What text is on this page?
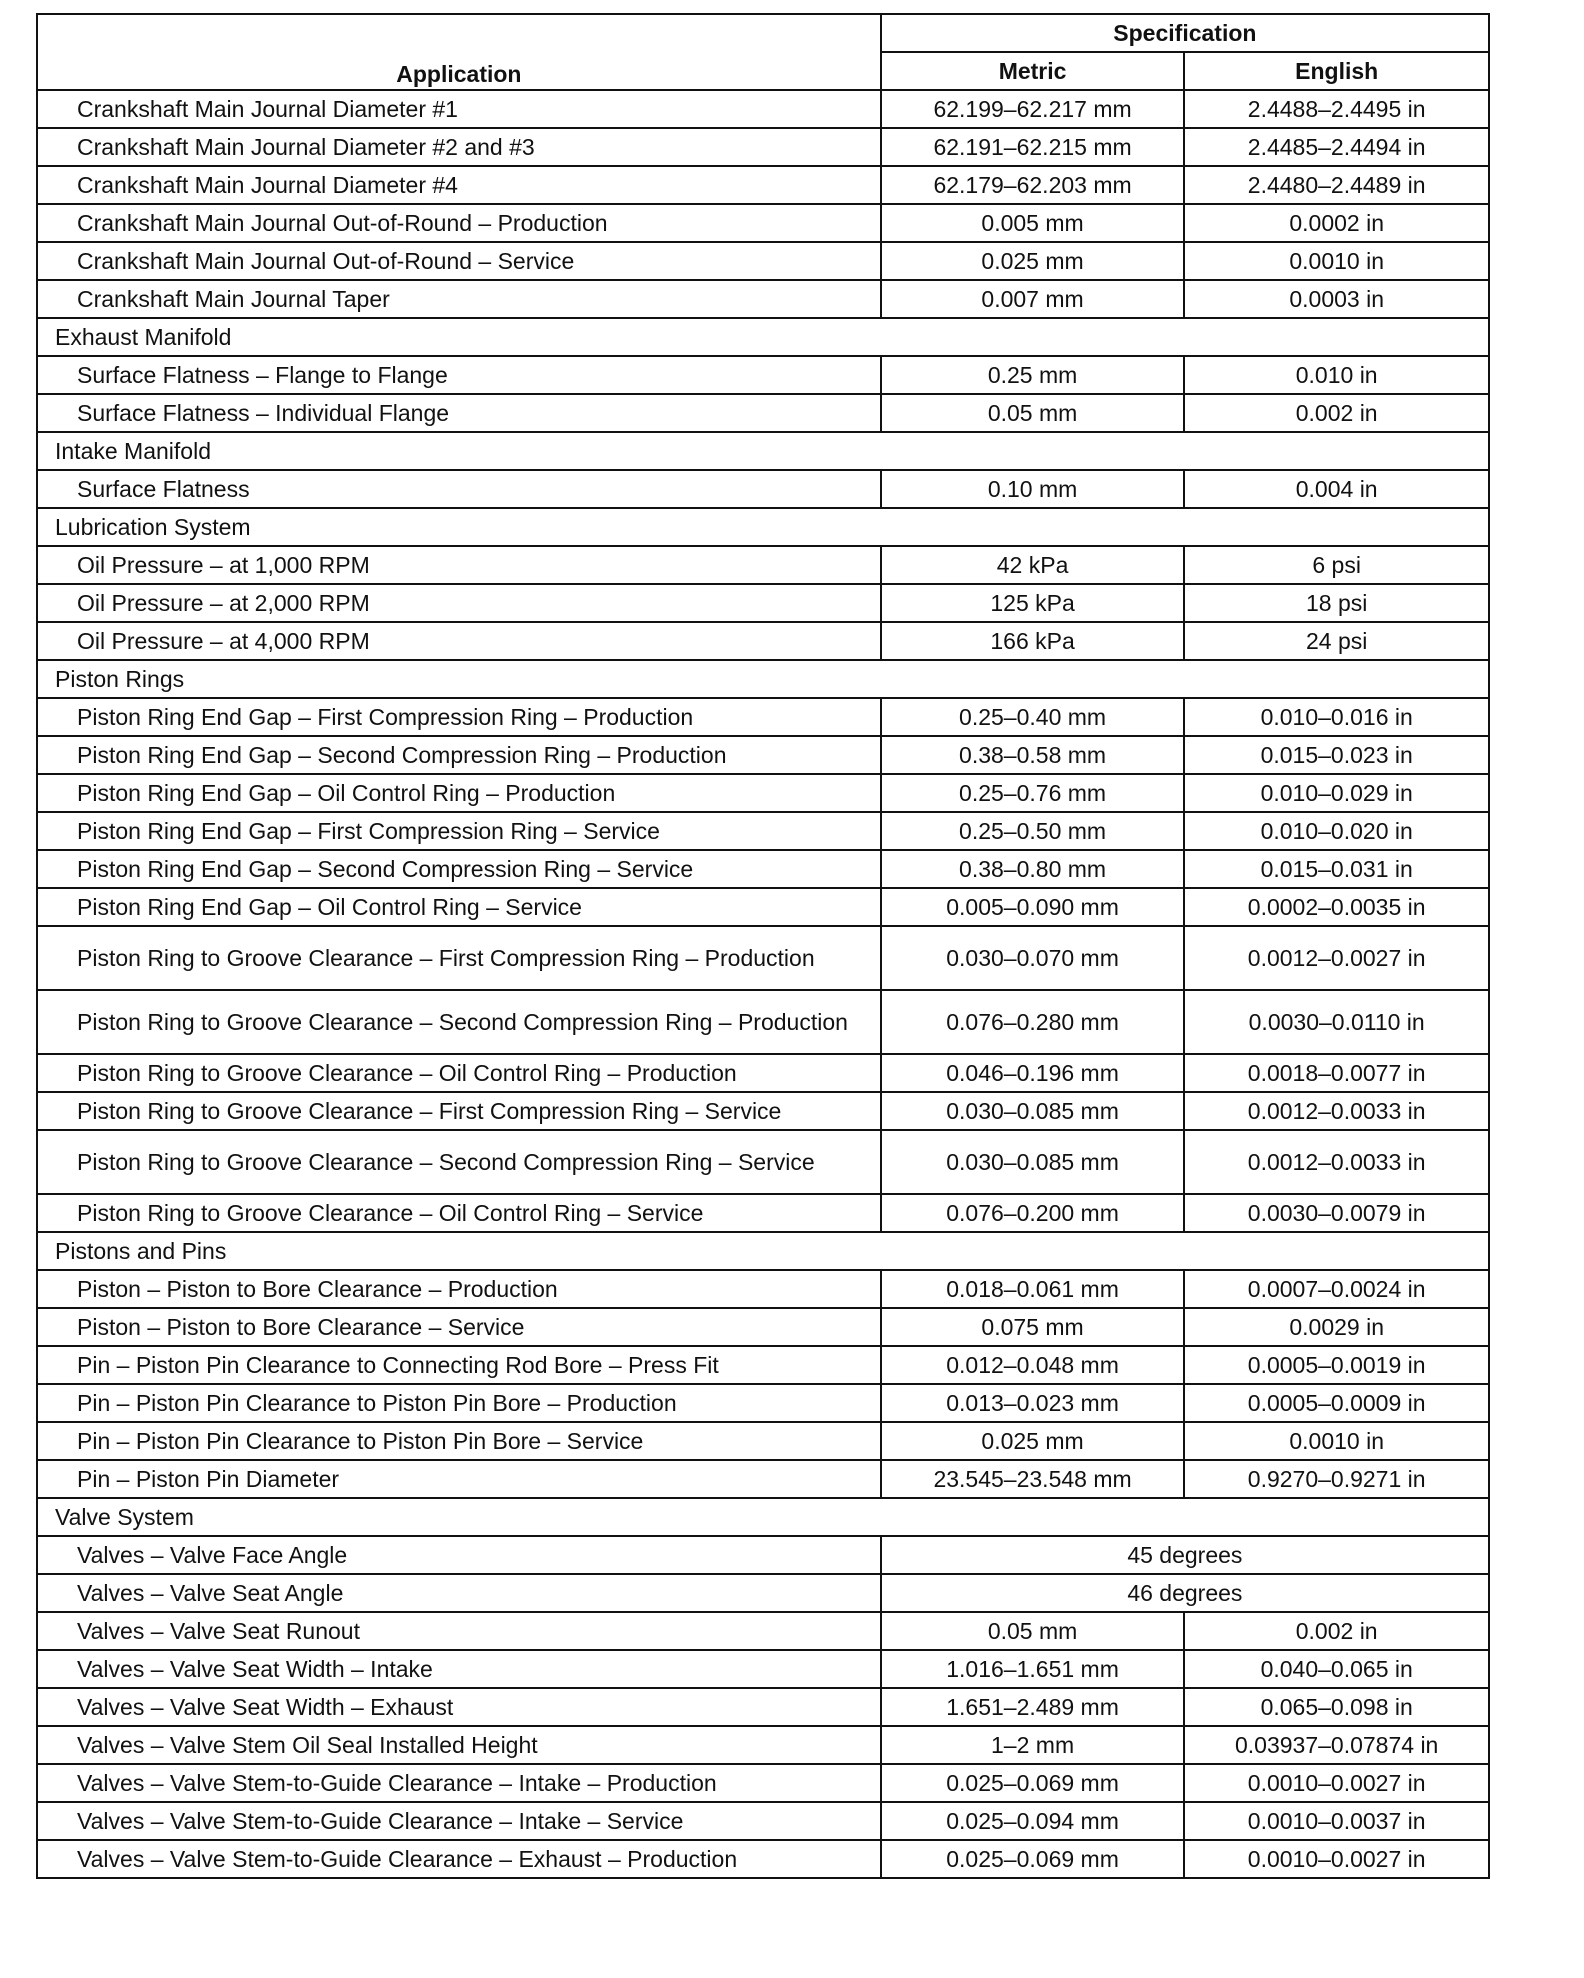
Application	Specification	
	Metric	English
Crankshaft Main Journal Diameter #1	62.199–62.217 mm	2.4488–2.4495 in
Crankshaft Main Journal Diameter #2 and #3	62.191–62.215 mm	2.4485–2.4494 in
Crankshaft Main Journal Diameter #4	62.179–62.203 mm	2.4480–2.4489 in
Crankshaft Main Journal Out-of-Round – Production	0.005 mm	0.0002 in
Crankshaft Main Journal Out-of-Round – Service	0.025 mm	0.0010 in
Crankshaft Main Journal Taper	0.007 mm	0.0003 in
Exhaust Manifold		
Surface Flatness – Flange to Flange	0.25 mm	0.010 in
Surface Flatness – Individual Flange	0.05 mm	0.002 in
Intake Manifold		
Surface Flatness	0.10 mm	0.004 in
Lubrication System		
Oil Pressure – at 1,000 RPM	42 kPa	6 psi
Oil Pressure – at 2,000 RPM	125 kPa	18 psi
Oil Pressure – at 4,000 RPM	166 kPa	24 psi
Piston Rings		
Piston Ring End Gap – First Compression Ring – Production	0.25–0.40 mm	0.010–0.016 in
Piston Ring End Gap – Second Compression Ring – Production	0.38–0.58 mm	0.015–0.023 in
Piston Ring End Gap – Oil Control Ring – Production	0.25–0.76 mm	0.010–0.029 in
Piston Ring End Gap – First Compression Ring – Service	0.25–0.50 mm	0.010–0.020 in
Piston Ring End Gap – Second Compression Ring – Service	0.38–0.80 mm	0.015–0.031 in
Piston Ring End Gap – Oil Control Ring – Service	0.005–0.090 mm	0.0002–0.0035 in
Piston Ring to Groove Clearance – First Compression Ring – Production	0.030–0.070 mm	0.0012–0.0027 in
Piston Ring to Groove Clearance – Second Compression Ring – Production	0.076–0.280 mm	0.0030–0.0110 in
Piston Ring to Groove Clearance – Oil Control Ring – Production	0.046–0.196 mm	0.0018–0.0077 in
Piston Ring to Groove Clearance – First Compression Ring – Service	0.030–0.085 mm	0.0012–0.0033 in
Piston Ring to Groove Clearance – Second Compression Ring – Service	0.030–0.085 mm	0.0012–0.0033 in
Piston Ring to Groove Clearance – Oil Control Ring – Service	0.076–0.200 mm	0.0030–0.0079 in
Pistons and Pins		
Piston – Piston to Bore Clearance – Production	0.018–0.061 mm	0.0007–0.0024 in
Piston – Piston to Bore Clearance – Service	0.075 mm	0.0029 in
Pin – Piston Pin Clearance to Connecting Rod Bore – Press Fit	0.012–0.048 mm	0.0005–0.0019 in
Pin – Piston Pin Clearance to Piston Pin Bore – Production	0.013–0.023 mm	0.0005–0.0009 in
Pin – Piston Pin Clearance to Piston Pin Bore – Service	0.025 mm	0.0010 in
Pin – Piston Pin Diameter	23.545–23.548 mm	0.9270–0.9271 in
Valve System		
Valves – Valve Face Angle	45 degrees	
Valves – Valve Seat Angle	46 degrees	
Valves – Valve Seat Runout	0.05 mm	0.002 in
Valves – Valve Seat Width – Intake	1.016–1.651 mm	0.040–0.065 in
Valves – Valve Seat Width – Exhaust	1.651–2.489 mm	0.065–0.098 in
Valves – Valve Stem Oil Seal Installed Height	1–2 mm	0.03937–0.07874 in
Valves – Valve Stem-to-Guide Clearance – Intake – Production	0.025–0.069 mm	0.0010–0.0027 in
Valves – Valve Stem-to-Guide Clearance – Intake – Service	0.025–0.094 mm	0.0010–0.0037 in
Valves – Valve Stem-to-Guide Clearance – Exhaust – Production	0.025–0.069 mm	0.0010–0.0027 in
